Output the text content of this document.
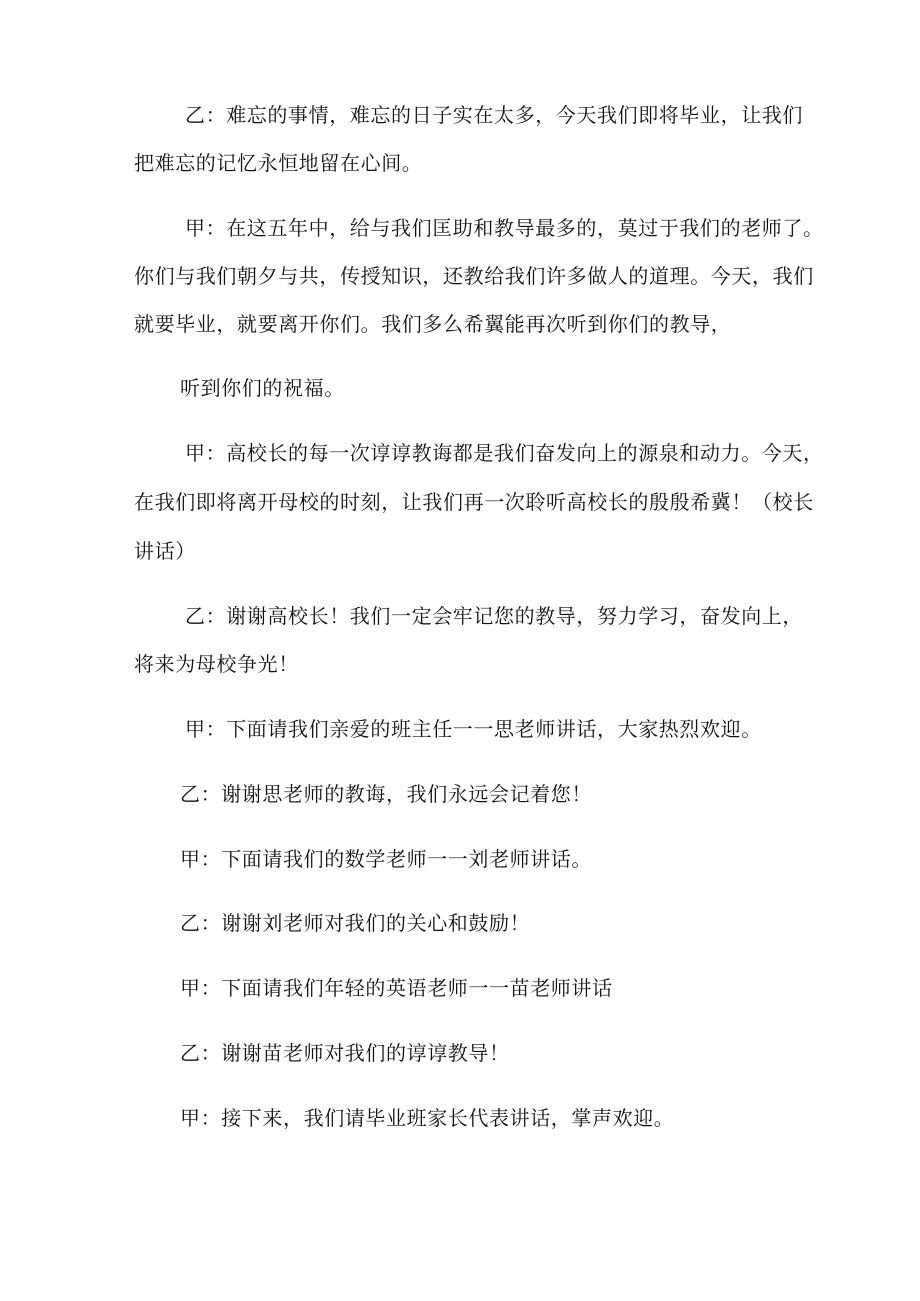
乙：难忘的事情，难忘的日子实在太多，今天我们即将毕业，让我们
把难忘的记忆永恒地留在心间。
甲：在这五年中，给与我们匡助和教导最多的，莫过于我们的老师了。
你们与我们朝夕与共，传授知识，还教给我们许多做人的道理。今天，我们
就要毕业，就要离开你们。我们多么希翼能再次听到你们的教导，
听到你们的祝福。
甲：高校长的每一次谆谆教诲都是我们奋发向上的源泉和动力。今天，
在我们即将离开母校的时刻，让我们再一次聆听高校长的殷殷希冀！（校长
讲话）
乙：谢谢高校长！我们一定会牢记您的教导，努力学习，奋发向上，
将来为母校争光！
甲：下面请我们亲爱的班主任一一思老师讲话，大家热烈欢迎。
乙：谢谢思老师的教诲，我们永远会记着您！
甲：下面请我们的数学老师一一刘老师讲话。
乙：谢谢刘老师对我们的关心和鼓励！
甲：下面请我们年轻的英语老师一一苗老师讲话
乙：谢谢苗老师对我们的谆谆教导！
甲：接下来，我们请毕业班家长代表讲话，掌声欢迎。
